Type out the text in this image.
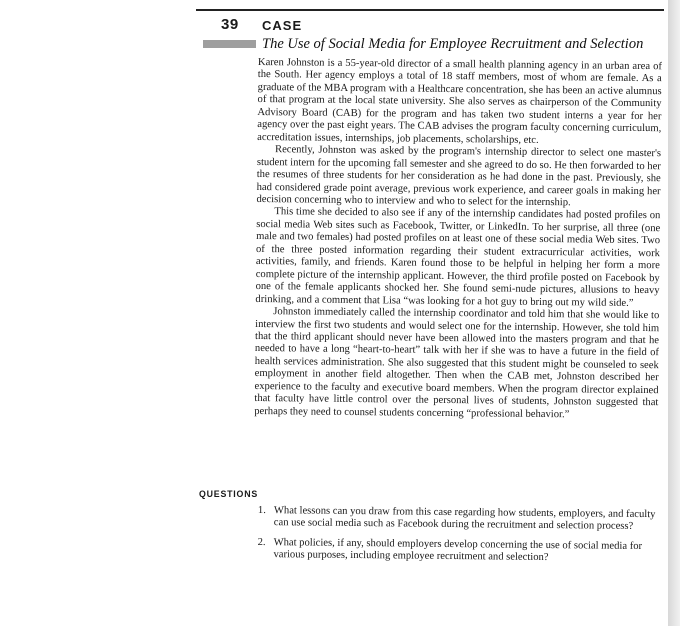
39 CASE
The Use of Social Media for Employee Recruitment and Selection

Karen Johnston is a 55-year-old director of a small health planning agency in an urban area of the South. Her agency employs a total of 18 staff members, most of whom are female. As a graduate of the MBA program with a Healthcare concentration, she has been an active alumnus of that program at the local state university. She also serves as chairperson of the Community Advisory Board (CAB) for the program and has taken two student interns a year for her agency over the past eight years. The CAB advises the program faculty concerning curriculum, accreditation issues, internships, job placements, scholarships, etc.

Recently, Johnston was asked by the program's internship director to select one master's student intern for the upcoming fall semester and she agreed to do so. He then forwarded to her the resumes of three students for her consideration as he had done in the past. Previously, she had considered grade point average, previous work experience, and career goals in making her decision concerning who to interview and who to select for the internship.

This time she decided to also see if any of the internship candidates had posted profiles on social media Web sites such as Facebook, Twitter, or LinkedIn. To her surprise, all three (one male and two females) had posted profiles on at least one of these social media Web sites. Two of the three posted information regarding their student extracurricular activities, work activities, family, and friends. Karen found those to be helpful in helping her form a more complete picture of the internship applicant. However, the third profile posted on Facebook by one of the female applicants shocked her. She found semi-nude pictures, allusions to heavy drinking, and a comment that Lisa “was looking for a hot guy to bring out my wild side.”

Johnston immediately called the internship coordinator and told him that she would like to interview the first two students and would select one for the internship. However, she told him that the third applicant should never have been allowed into the masters program and that he needed to have a long “heart-to-heart” talk with her if she was to have a future in the field of health services administration. She also suggested that this student might be counseled to seek employment in another field altogether. Then when the CAB met, Johnston described her experience to the faculty and executive board members. When the program director explained that faculty have little control over the personal lives of students, Johnston suggested that perhaps they need to counsel students concerning “professional behavior.”

QUESTIONS
1. What lessons can you draw from this case regarding how students, employers, and faculty can use social media such as Facebook during the recruitment and selection process?
2. What policies, if any, should employers develop concerning the use of social media for various purposes, including employee recruitment and selection?
